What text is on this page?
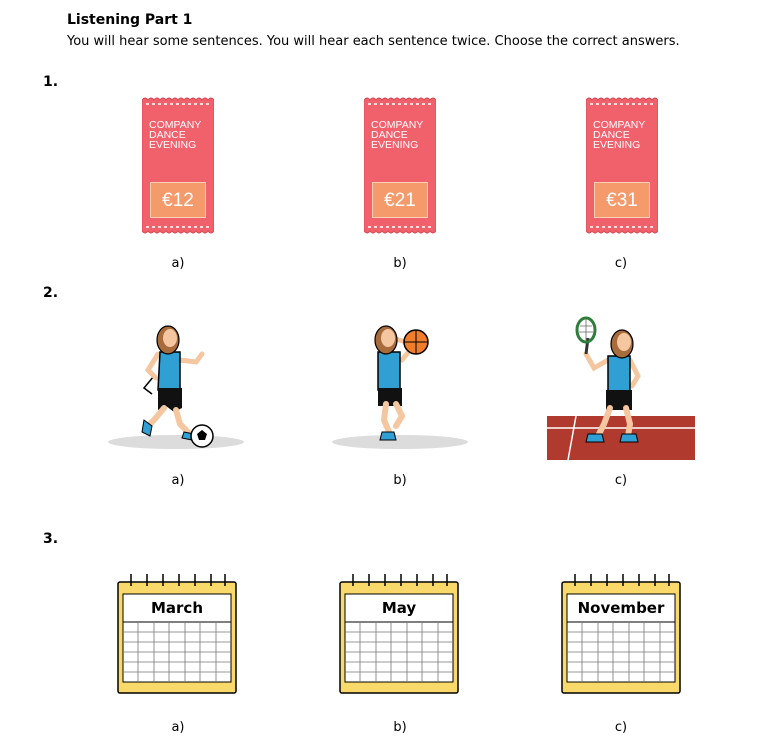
Listening Part 1
You will hear some sentences. You will hear each sentence twice. Choose the correct answers.
1.
COMPANY
DANCE
EVENING
€12
a)
COMPANY
DANCE
EVENING
€21
b)
COMPANY
DANCE
EVENING
€31
c)
2.
a)	b)	c)
3.
March
a)
May
b)
November
c)
